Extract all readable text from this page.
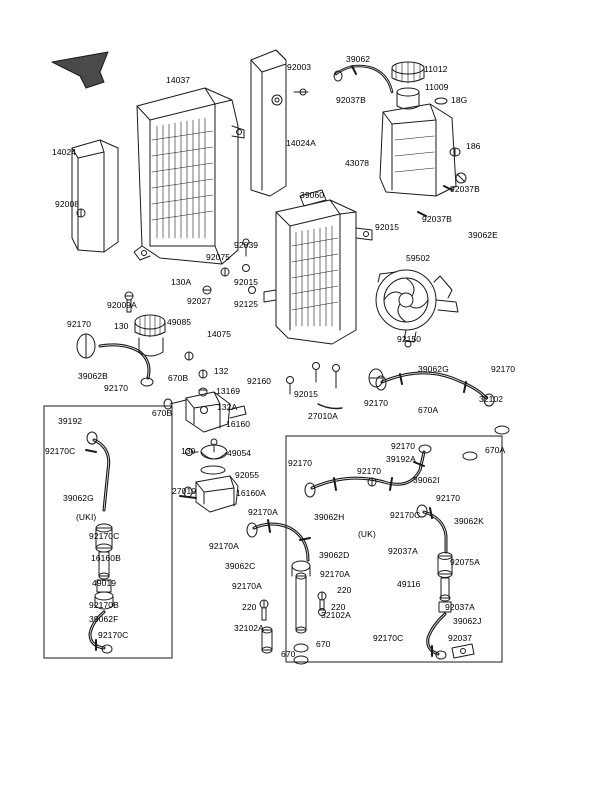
14037
92003
39062
11012
11009
92037B	18G
14024A
14024
186
43078
92008
92037B
39060
92037B
92015
39062E
92039
59502
92075
92015
130A
92027	92125
92009A
49085
92170	130
14075	92150
39062B
92170
132
670B	92160
39062G	92170
13169	92015
92170	32102
670A
670B
132A
27010A
16160
39192
130	49054
92170C	92170	670A
39192A
92170
92055	92170
39062I
27010	16160A	92170
39062G
92170A	39062H	92170C
39062K
(UKI)
(UK)
92170C
92170A
39062D	92037A
16160B	92075A
39062C
92170A
49019	49116
92170A
92170B
220
92037A
220	220
32102A
39062F	39062J
32102A
92170C	92037
92170C
670
670
